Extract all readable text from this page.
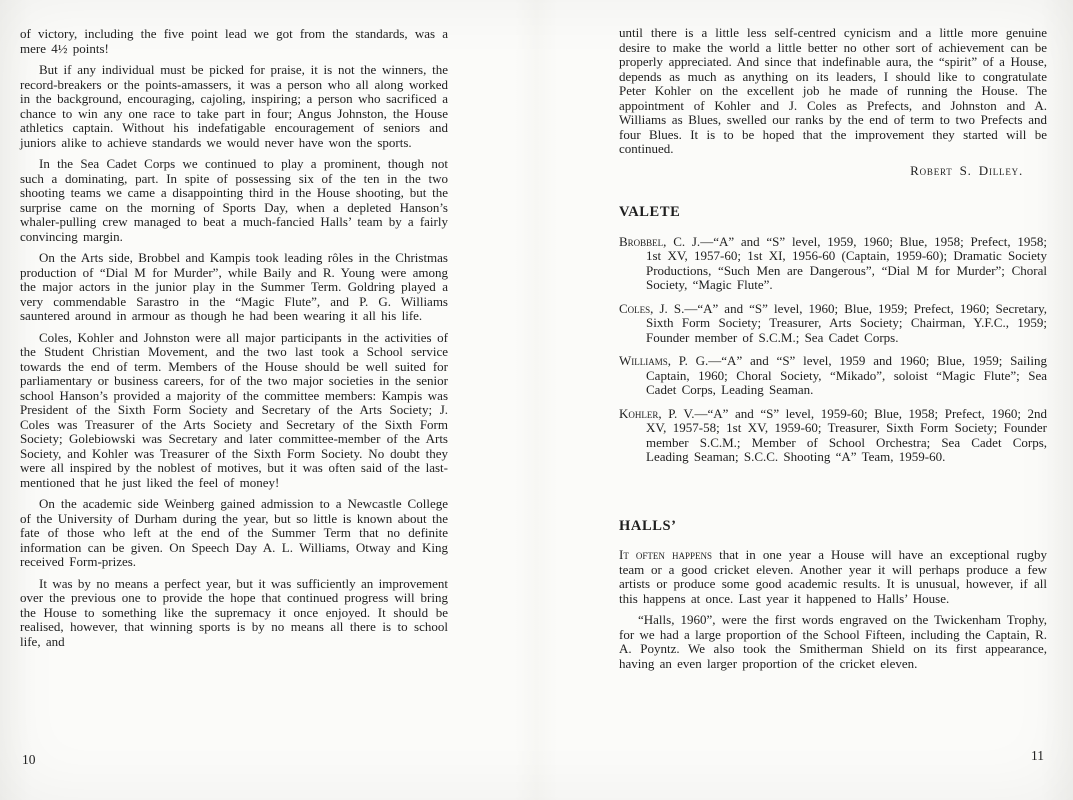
of victory, including the five point lead we got from the standards, was a mere 4½ points!

But if any individual must be picked for praise, it is not the winners, the record-breakers or the points-amassers, it was a person who all along worked in the background, encouraging, cajoling, inspiring; a person who sacrificed a chance to win any one race to take part in four; Angus Johnston, the House athletics captain. Without his indefatigable encouragement of seniors and juniors alike to achieve standards we would never have won the sports.

In the Sea Cadet Corps we continued to play a prominent, though not such a dominating, part. In spite of possessing six of the ten in the two shooting teams we came a disappointing third in the House shooting, but the surprise came on the morning of Sports Day, when a depleted Hanson’s whaler-pulling crew managed to beat a much-fancied Halls’ team by a fairly convincing margin.

On the Arts side, Brobbel and Kampis took leading rôles in the Christmas production of “Dial M for Murder”, while Baily and R. Young were among the major actors in the junior play in the Summer Term. Goldring played a very commendable Sarastro in the “Magic Flute”, and P. G. Williams sauntered around in armour as though he had been wearing it all his life.

Coles, Kohler and Johnston were all major participants in the activities of the Student Christian Movement, and the two last took a School service towards the end of term. Members of the House should be well suited for parliamentary or business careers, for of the two major societies in the senior school Hanson’s provided a majority of the committee members: Kampis was President of the Sixth Form Society and Secretary of the Arts Society; J. Coles was Treasurer of the Arts Society and Secretary of the Sixth Form Society; Golebiowski was Secretary and later committee-member of the Arts Society, and Kohler was Treasurer of the Sixth Form Society. No doubt they were all inspired by the noblest of motives, but it was often said of the last-mentioned that he just liked the feel of money!

On the academic side Weinberg gained admission to a Newcastle College of the University of Durham during the year, but so little is known about the fate of those who left at the end of the Summer Term that no definite information can be given. On Speech Day A. L. Williams, Otway and King received Form-prizes.

It was by no means a perfect year, but it was sufficiently an improvement over the previous one to provide the hope that continued progress will bring the House to something like the supremacy it once enjoyed. It should be realised, however, that winning sports is by no means all there is to school life, and

10

until there is a little less self-centred cynicism and a little more genuine desire to make the world a little better no other sort of achievement can be properly appreciated. And since that indefinable aura, the “spirit” of a House, depends as much as anything on its leaders, I should like to congratulate Peter Kohler on the excellent job he made of running the House. The appointment of Kohler and J. Coles as Prefects, and Johnston and A. Williams as Blues, swelled our ranks by the end of term to two Prefects and four Blues. It is to be hoped that the improvement they started will be continued.

Robert S. Dilley.

VALETE

Brobbel, C. J.—“A” and “S” level, 1959, 1960; Blue, 1958; Prefect, 1958; 1st XV, 1957-60; 1st XI, 1956-60 (Captain, 1959-60); Dramatic Society Productions, “Such Men are Dangerous”, “Dial M for Murder”; Choral Society, “Magic Flute”.

Coles, J. S.—“A” and “S” level, 1960; Blue, 1959; Prefect, 1960; Secretary, Sixth Form Society; Treasurer, Arts Society; Chairman, Y.F.C., 1959; Founder member of S.C.M.; Sea Cadet Corps.

Williams, P. G.—“A” and “S” level, 1959 and 1960; Blue, 1959; Sailing Captain, 1960; Choral Society, “Mikado”, soloist “Magic Flute”; Sea Cadet Corps, Leading Seaman.

Kohler, P. V.—“A” and “S” level, 1959-60; Blue, 1958; Prefect, 1960; 2nd XV, 1957-58; 1st XV, 1959-60; Treasurer, Sixth Form Society; Founder member S.C.M.; Member of School Orchestra; Sea Cadet Corps, Leading Seaman; S.C.C. Shooting “A” Team, 1959-60.

HALLS’

It often happens that in one year a House will have an exceptional rugby team or a good cricket eleven. Another year it will perhaps produce a few artists or produce some good academic results. It is unusual, however, if all this happens at once. Last year it happened to Halls’ House.

“Halls, 1960”, were the first words engraved on the Twickenham Trophy, for we had a large proportion of the School Fifteen, including the Captain, R. A. Poyntz. We also took the Smitherman Shield on its first appearance, having an even larger proportion of the cricket eleven.

11
